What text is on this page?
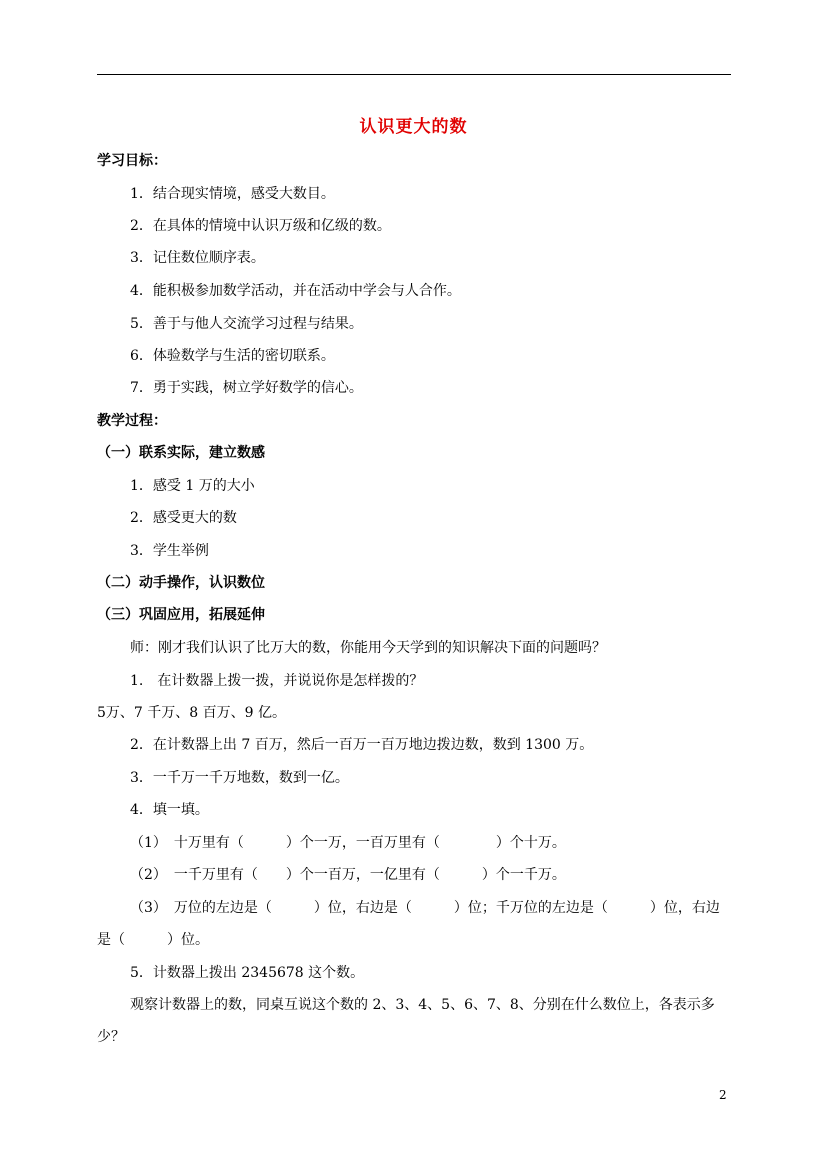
认识更大的数
学习目标：
1．结合现实情境，感受大数目。
2．在具体的情境中认识万级和亿级的数。
3．记住数位顺序表。
4．能积极参加数学活动，并在活动中学会与人合作。
5．善于与他人交流学习过程与结果。
6．体验数学与生活的密切联系。
7．勇于实践，树立学好数学的信心。
教学过程：
（一）联系实际，建立数感
1．感受 1 万的大小
2．感受更大的数
3．学生举例
（二）动手操作，认识数位
（三）巩固应用，拓展延伸
师：刚才我们认识了比万大的数，你能用今天学到的知识解决下面的问题吗？
1.　在计数器上拨一拨，并说说你是怎样拨的？
5万、7 千万、8 百万、9 亿。
2．在计数器上出 7 百万，然后一百万一百万地边拨边数，数到 1300 万。
3．一千万一千万地数，数到一亿。
4．填一填。
（1）　十万里有（　　　）个一万，一百万里有（　　　　）个十万。
（2）　一千万里有（　　）个一百万，一亿里有（　　　）个一千万。
（3）　万位的左边是（　　　）位，右边是（　　　）位；千万位的左边是（　　　）位，右边
是（　　　）位。
5．计数器上拨出 2345678 这个数。
观察计数器上的数，同桌互说这个数的 2、3、4、5、6、7、8、分别在什么数位上，各表示多
少？
2
